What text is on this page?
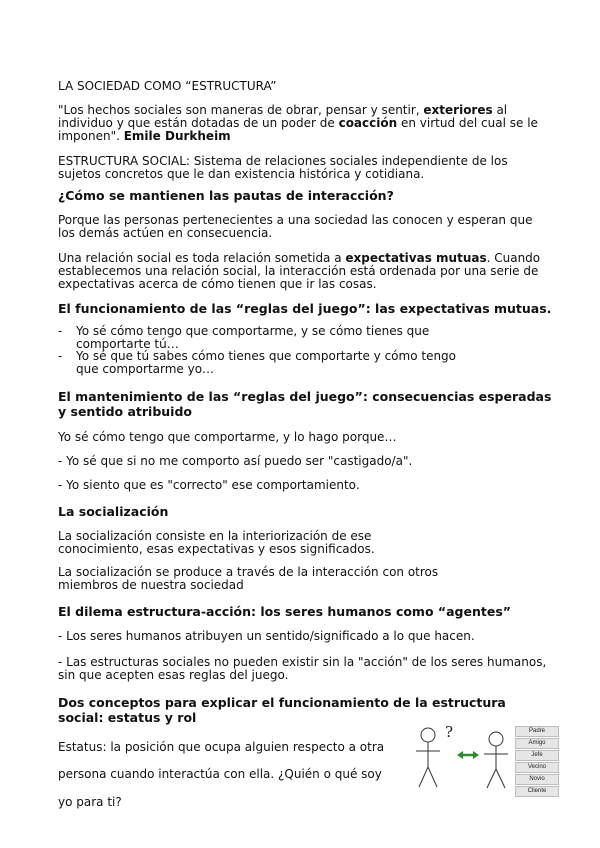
LA SOCIEDAD COMO “ESTRUCTURA”

"Los hechos sociales son maneras de obrar, pensar y sentir, exteriores al individuo y que están dotadas de un poder de coacción en virtud del cual se le imponen". Emile Durkheim

ESTRUCTURA SOCIAL: Sistema de relaciones sociales independiente de los sujetos concretos que le dan existencia histórica y cotidiana.

¿Cómo se mantienen las pautas de interacción?

Porque las personas pertenecientes a una sociedad las conocen y esperan que los demás actúen en consecuencia.

Una relación social es toda relación sometida a expectativas mutuas. Cuando establecemos una relación social, la interacción está ordenada por una serie de expectativas acerca de cómo tienen que ir las cosas.

El funcionamiento de las “reglas del juego”: las expectativas mutuas.
- Yo sé cómo tengo que comportarme, y se cómo tienes que comportarte tú…
- Yo sé que tú sabes cómo tienes que comportarte y cómo tengo que comportarme yo…
El mantenimiento de las “reglas del juego”: consecuencias esperadas y sentido atribuido

Yo sé cómo tengo que comportarme, y lo hago porque…

- Yo sé que si no me comporto así puedo ser "castigado/a".

- Yo siento que es "correcto" ese comportamiento.

La socialización

La socialización consiste en la interiorización de ese conocimiento, esas expectativas y esos significados.

La socialización se produce a través de la interacción con otros miembros de nuestra sociedad

El dilema estructura-acción: los seres humanos como “agentes”

- Los seres humanos atribuyen un sentido/significado a lo que hacen.

- Las estructuras sociales no pueden existir sin la "acción" de los seres humanos, sin que acepten esas reglas del juego.

Dos conceptos para explicar el funcionamiento de la estructura social: estatus y rol

Estatus: la posición que ocupa alguien respecto a otra

persona cuando interactúa con ella. ¿Quién o qué soy

yo para ti?

?	Padre
Amigo
Jefe
Vecino
Novio
Cliente
